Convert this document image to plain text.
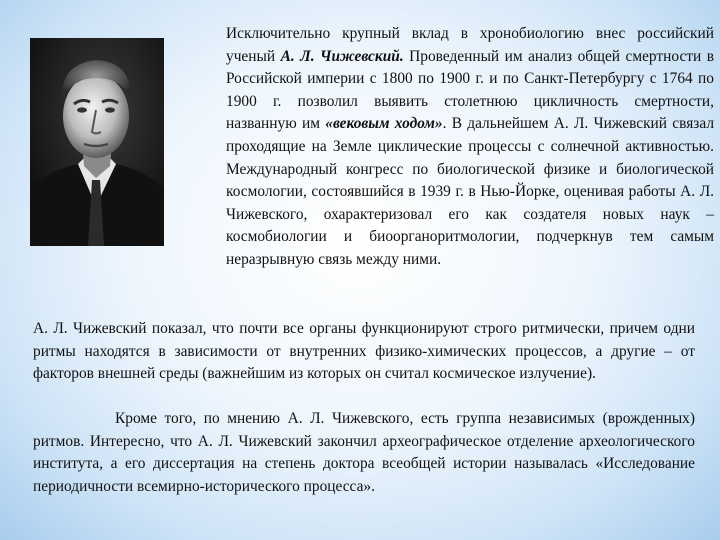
Исключительно крупный вклад в хронобиологию внес российский ученый А. Л. Чижевский. Проведенный им анализ общей смертности в Российской империи с 1800 по 1900 г. и по Санкт-Петербургу с 1764 по 1900 г. позволил выявить столетнюю цикличность смертности, названную им «вековым ходом». В дальнейшем А. Л. Чижевский связал проходящие на Земле циклические процессы с солнечной активностью. Международный конгресс по биологической физике и биологической космологии, состоявшийся в 1939 г. в Нью-Йорке, оценивая работы А. Л. Чижевского, охарактеризовал его как создателя новых наук – космобиологии и биоорганоритмологии, подчеркнув тем самым неразрывную связь между ними.

А. Л. Чижевский показал, что почти все органы функционируют строго ритмически, причем одни ритмы находятся в зависимости от внутренних физико-химических процессов, а другие – от факторов внешней среды (важнейшим из которых он считал космическое излучение).

Кроме того, по мнению А. Л. Чижевского, есть группа независимых (врожденных) ритмов. Интересно, что А. Л. Чижевский закончил археографическое отделение археологического института, а его диссертация на степень доктора всеобщей истории называлась «Исследование периодичности всемирно-исторического процесса».
